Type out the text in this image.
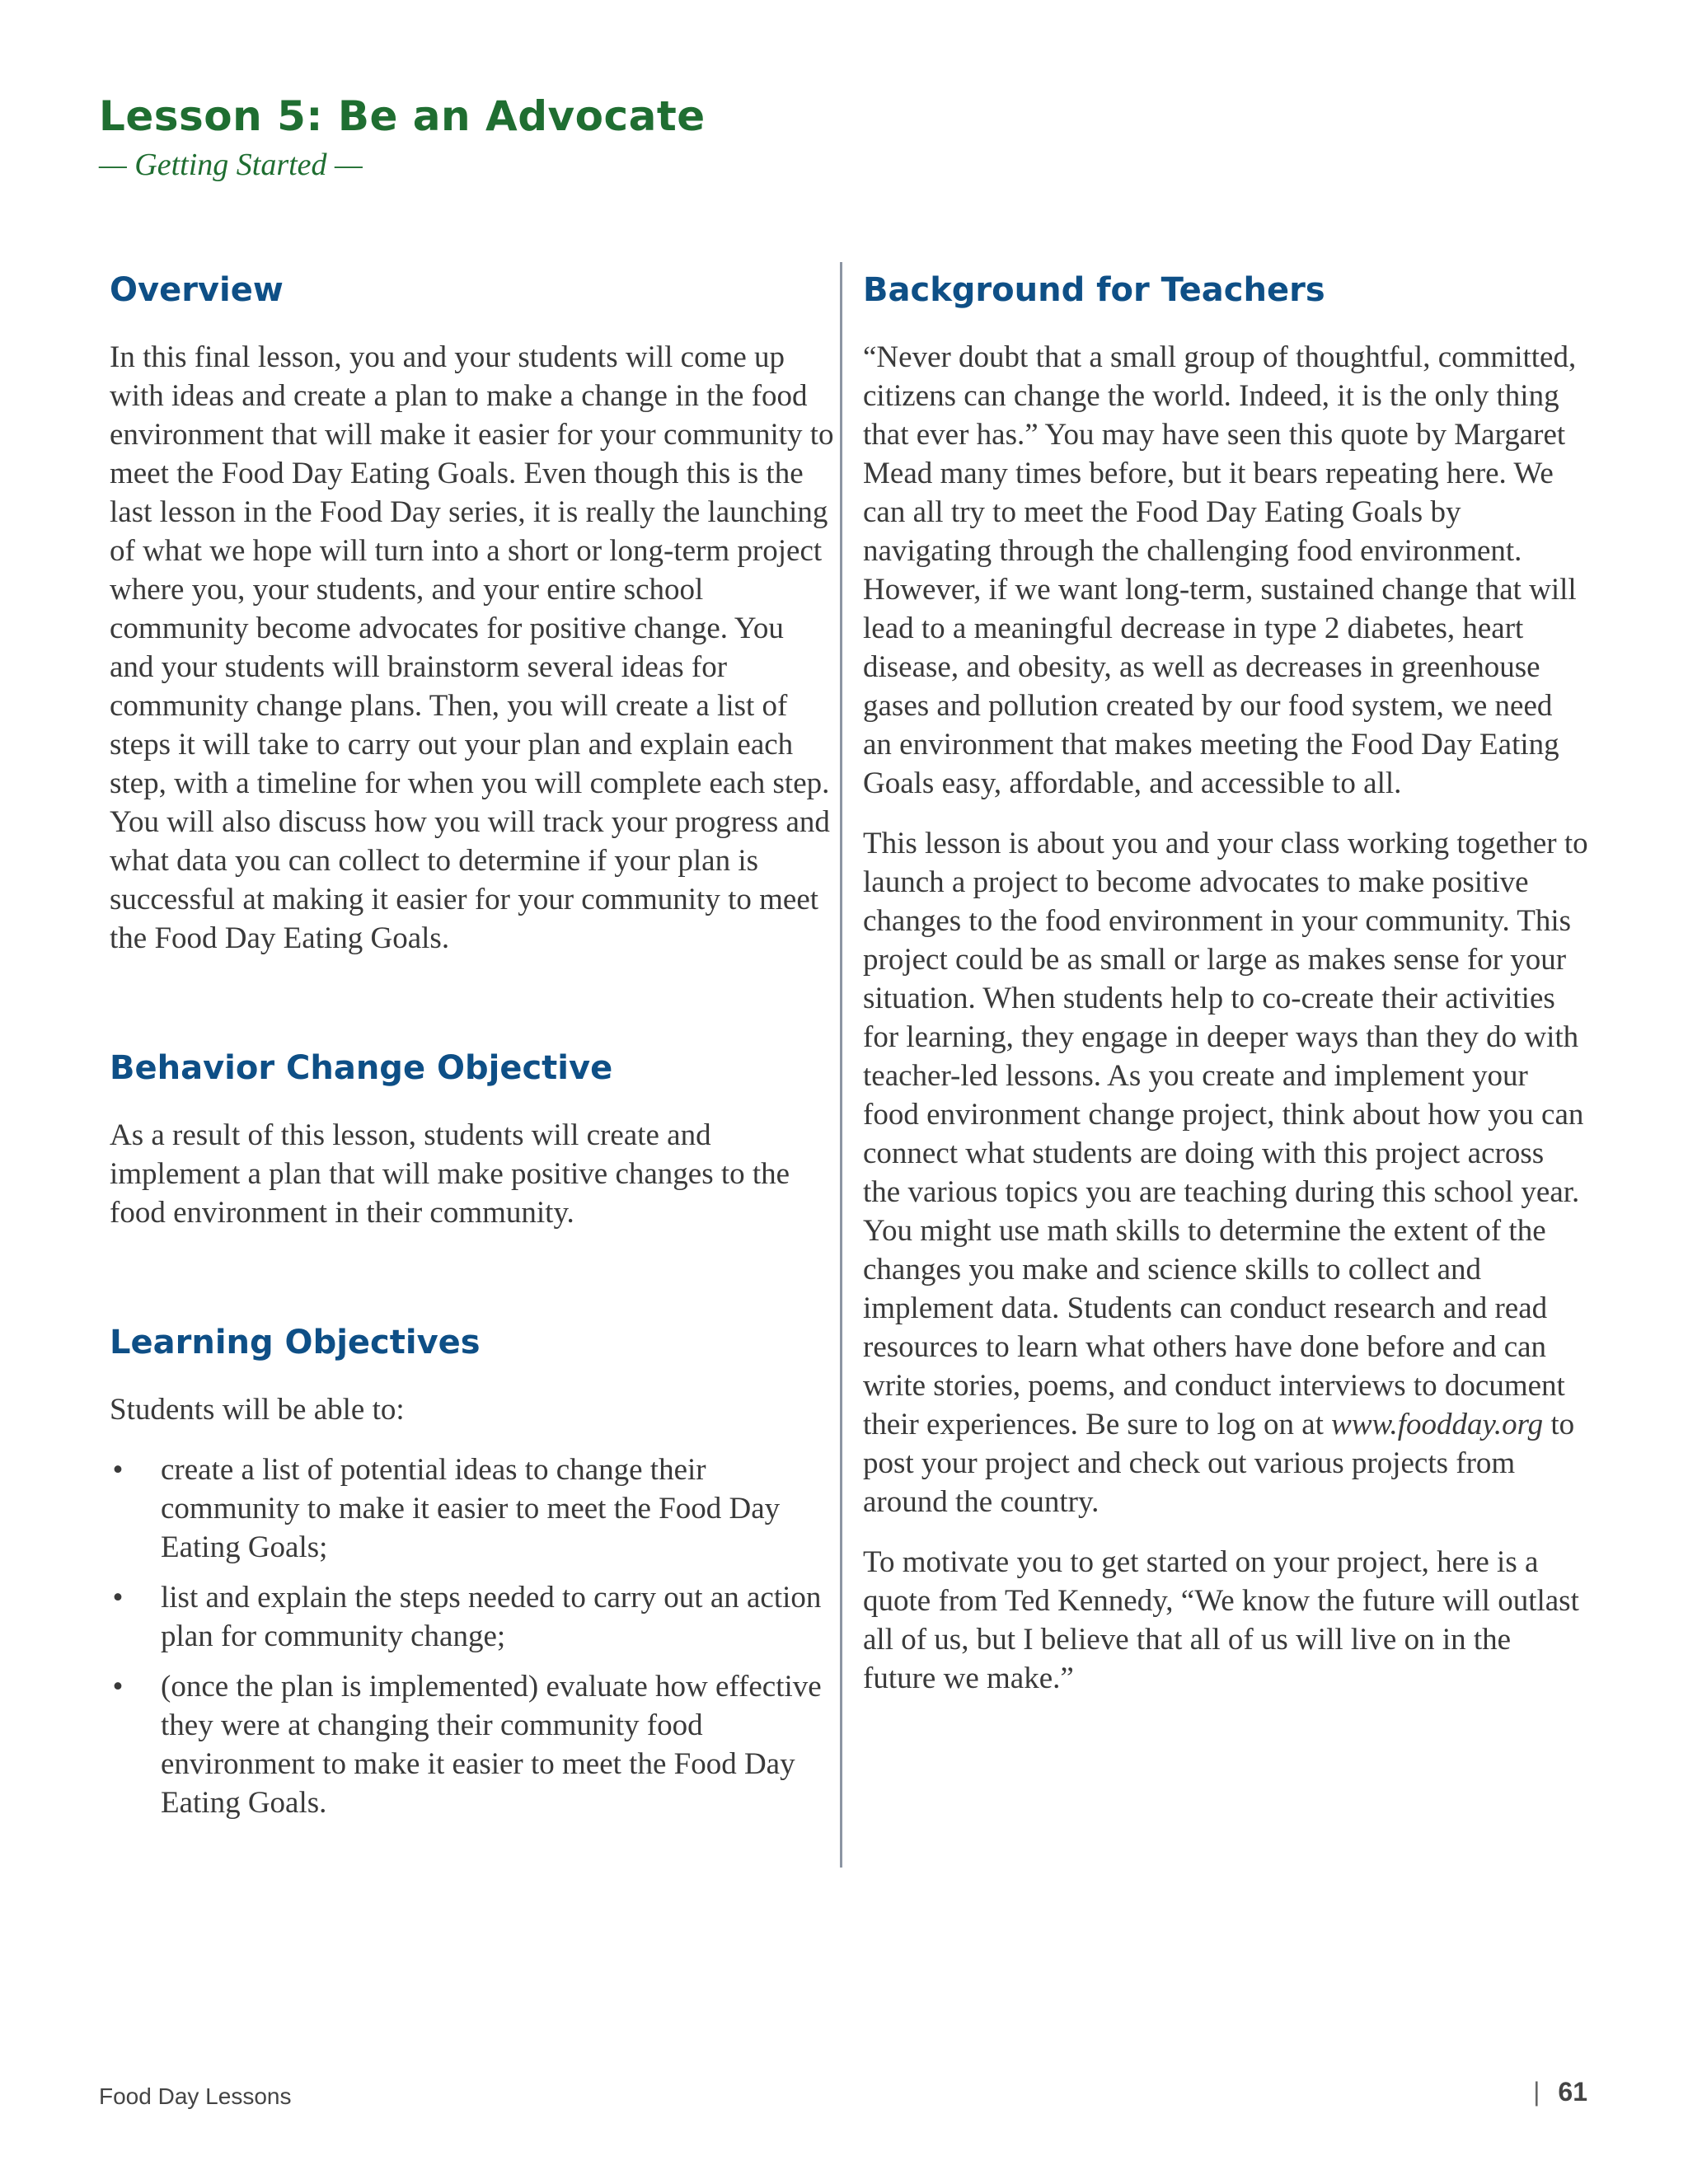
Lesson 5: Be an Advocate
— Getting Started —
Overview

In this final lesson, you and your students will come up with ideas and create a plan to make a change in the food environment that will make it easier for your community to meet the Food Day Eating Goals. Even though this is the last lesson in the Food Day series, it is really the launching of what we hope will turn into a short or long-term project where you, your students, and your entire school community become advocates for positive change. You and your students will brainstorm several ideas for community change plans. Then, you will create a list of steps it will take to carry out your plan and explain each step, with a timeline for when you will complete each step. You will also discuss how you will track your progress and what data you can collect to determine if your plan is successful at making it easier for your community to meet the Food Day Eating Goals.

Behavior Change Objective

As a result of this lesson, students will create and implement a plan that will make positive changes to the food environment in their community.

Learning Objectives

Students will be able to:

• create a list of potential ideas to change their community to make it easier to meet the Food Day Eating Goals;
• list and explain the steps needed to carry out an action plan for community change;
• (once the plan is implemented) evaluate how effective they were at changing their community food environment to make it easier to meet the Food Day Eating Goals.
Background for Teachers

“Never doubt that a small group of thoughtful, committed, citizens can change the world. Indeed, it is the only thing that ever has.” You may have seen this quote by Margaret Mead many times before, but it bears repeating here. We can all try to meet the Food Day Eating Goals by navigating through the challenging food environment. However, if we want long-term, sustained change that will lead to a meaningful decrease in type 2 diabetes, heart disease, and obesity, as well as decreases in greenhouse gases and pollution created by our food system, we need an environment that makes meeting the Food Day Eating Goals easy, affordable, and accessible to all.

This lesson is about you and your class working together to launch a project to become advocates to make positive changes to the food environment in your community. This project could be as small or large as makes sense for your situation. When students help to co-create their activities for learning, they engage in deeper ways than they do with teacher-led lessons. As you create and implement your food environment change project, think about how you can connect what students are doing with this project across the various topics you are teaching during this school year. You might use math skills to determine the extent of the changes you make and science skills to collect and implement data. Students can conduct research and read resources to learn what others have done before and can write stories, poems, and conduct interviews to document their experiences. Be sure to log on at www.foodday.org to post your project and check out various projects from around the country.

To motivate you to get started on your project, here is a quote from Ted Kennedy, “We know the future will outlast all of us, but I believe that all of us will live on in the future we make.”

Food Day Lessons	| 61
